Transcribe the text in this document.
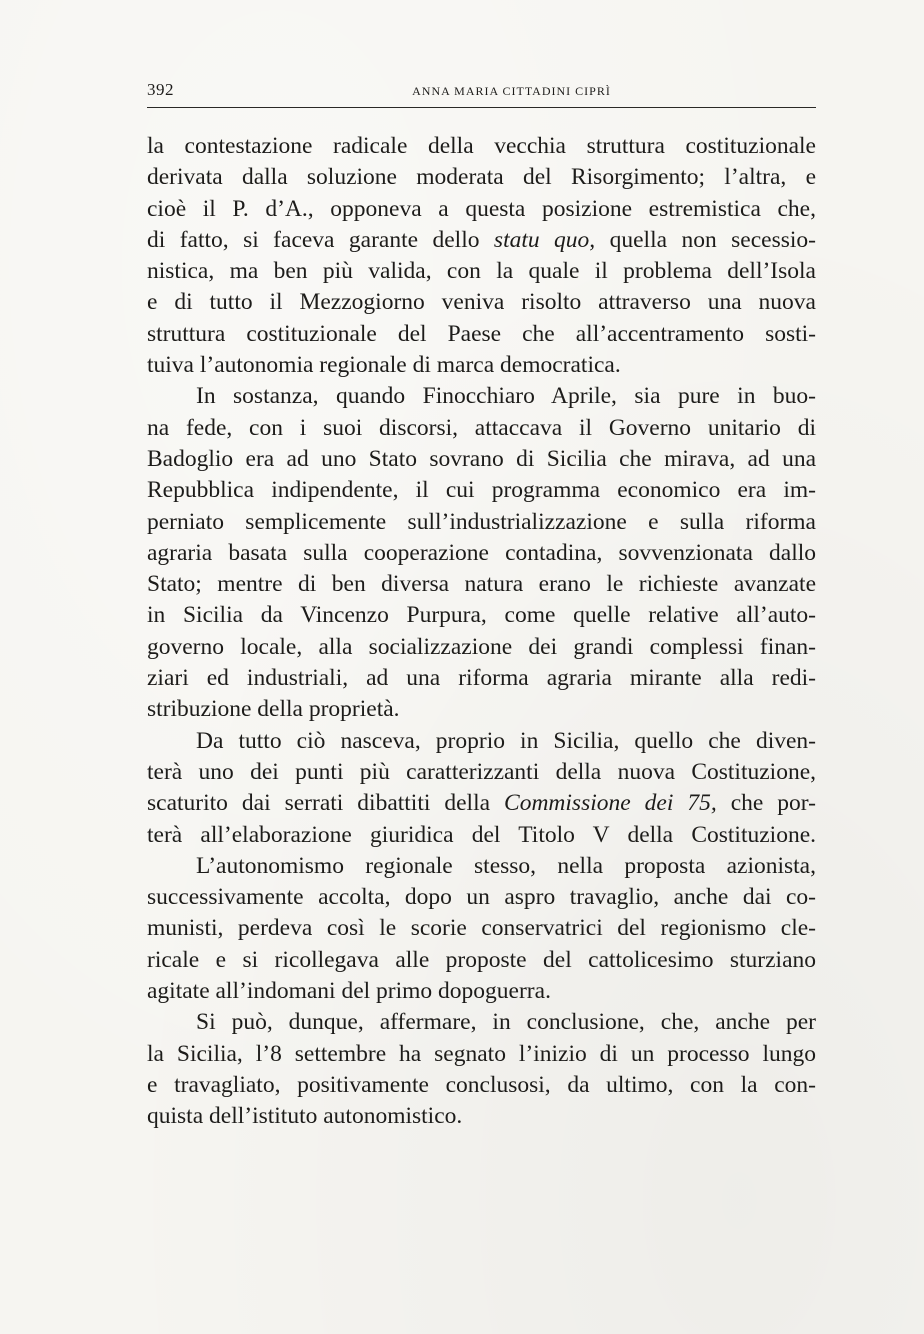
392	ANNA MARIA CITTADINI CIPRÌ
la contestazione radicale della vecchia struttura costituzionale
derivata dalla soluzione moderata del Risorgimento; l’altra, e
cioè il P. d’A., opponeva a questa posizione estremistica che,
di fatto, si faceva garante dello statu quo, quella non secessio-
nistica, ma ben più valida, con la quale il problema dell’Isola
e di tutto il Mezzogiorno veniva risolto attraverso una nuova
struttura costituzionale del Paese che all’accentramento sosti-
tuiva l’autonomia regionale di marca democratica.
In sostanza, quando Finocchiaro Aprile, sia pure in buo-
na fede, con i suoi discorsi, attaccava il Governo unitario di
Badoglio era ad uno Stato sovrano di Sicilia che mirava, ad una
Repubblica indipendente, il cui programma economico era im-
perniato semplicemente sull’industrializzazione e sulla riforma
agraria basata sulla cooperazione contadina, sovvenzionata dallo
Stato; mentre di ben diversa natura erano le richieste avanzate
in Sicilia da Vincenzo Purpura, come quelle relative all’auto-
governo locale, alla socializzazione dei grandi complessi finan-
ziari ed industriali, ad una riforma agraria mirante alla redi-
stribuzione della proprietà.
Da tutto ciò nasceva, proprio in Sicilia, quello che diven-
terà uno dei punti più caratterizzanti della nuova Costituzione,
scaturito dai serrati dibattiti della Commissione dei 75, che por-
terà all’elaborazione giuridica del Titolo V della Costituzione.
L’autonomismo regionale stesso, nella proposta azionista,
successivamente accolta, dopo un aspro travaglio, anche dai co-
munisti, perdeva così le scorie conservatrici del regionismo cle-
ricale e si ricollegava alle proposte del cattolicesimo sturziano
agitate all’indomani del primo dopoguerra.
Si può, dunque, affermare, in conclusione, che, anche per
la Sicilia, l’8 settembre ha segnato l’inizio di un processo lungo
e travagliato, positivamente conclusosi, da ultimo, con la con-
quista dell’istituto autonomistico.
